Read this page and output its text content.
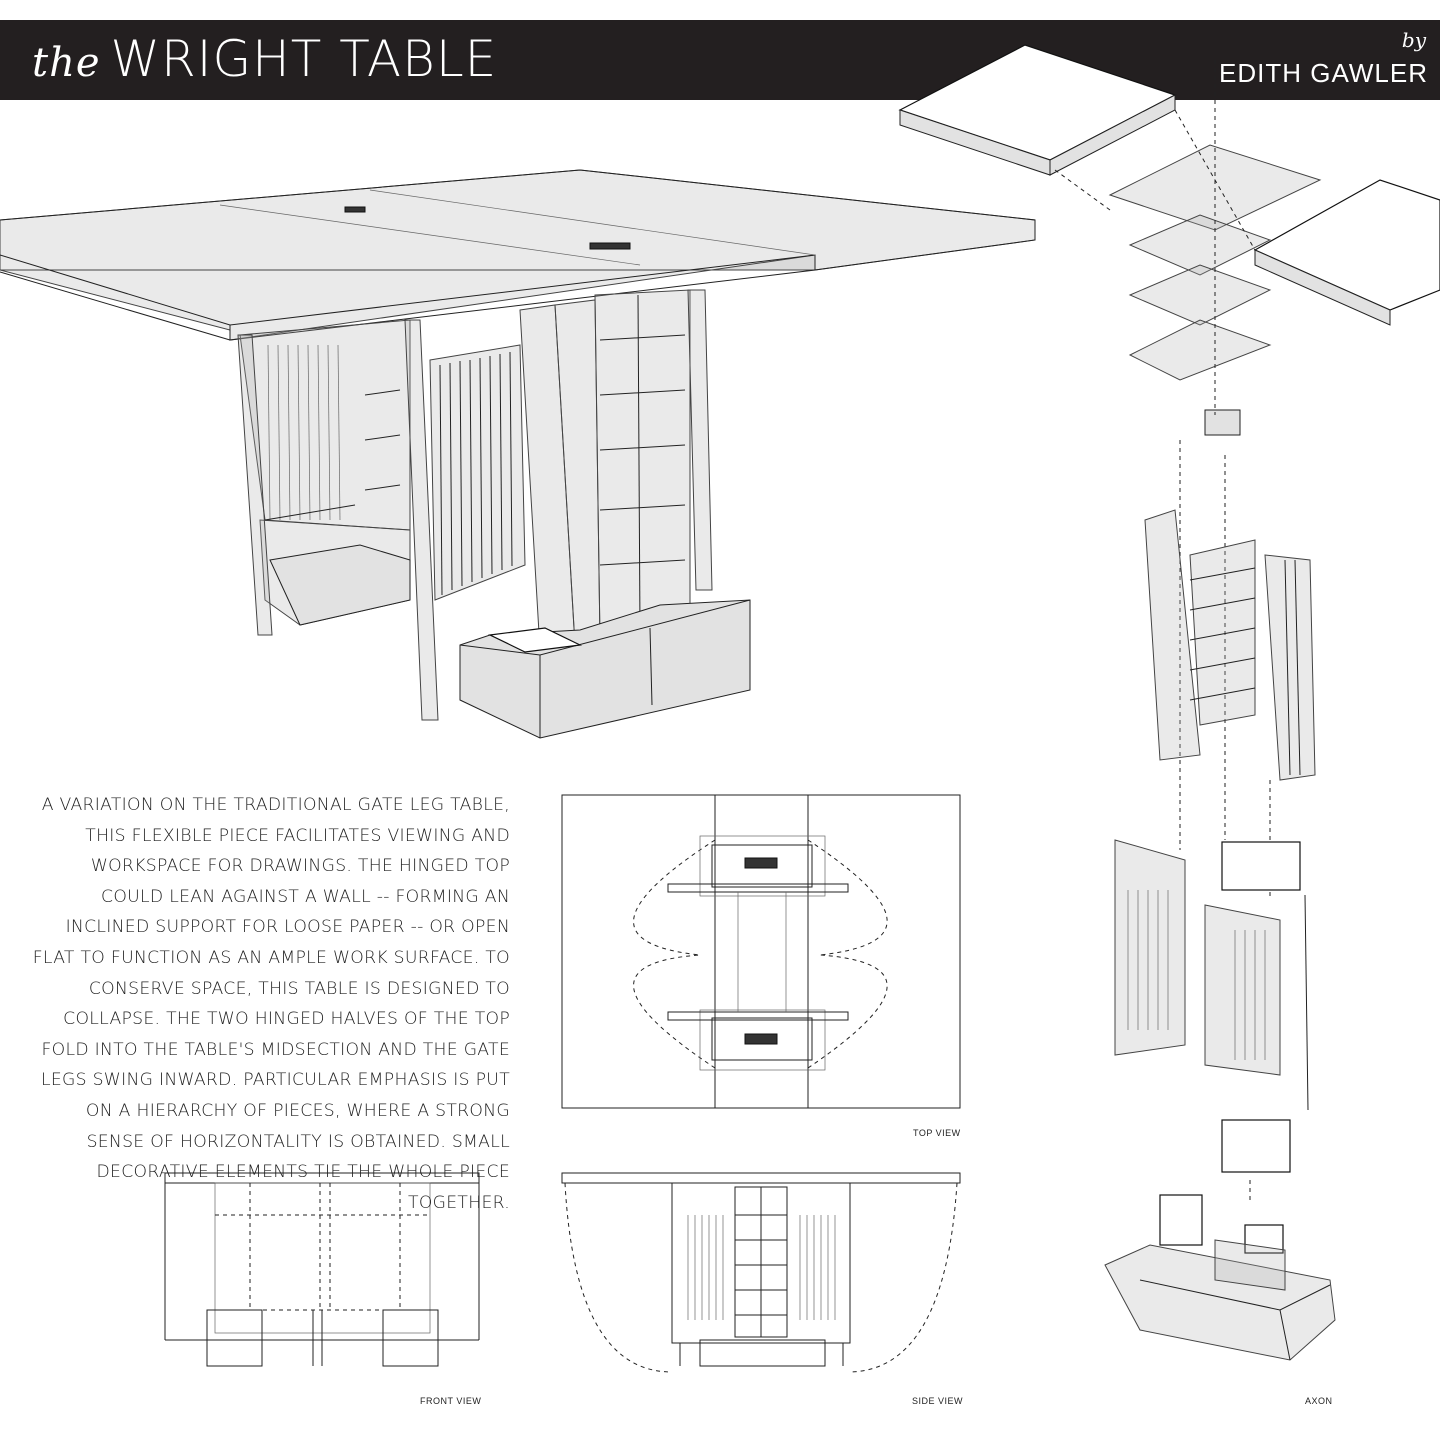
the WRIGHT TABLE	by
EDITH GAWLER
A VARIATION ON THE TRADITIONAL GATE LEG TABLE, THIS FLEXIBLE PIECE FACILITATES VIEWING AND WORKSPACE FOR DRAWINGS. THE HINGED TOP COULD LEAN AGAINST A WALL -- FORMING AN INCLINED SUPPORT FOR LOOSE PAPER -- OR OPEN FLAT TO FUNCTION AS AN AMPLE WORK SURFACE. TO CONSERVE SPACE, THIS TABLE IS DESIGNED TO COLLAPSE. THE TWO HINGED HALVES OF THE TOP FOLD INTO THE TABLE'S MIDSECTION AND THE GATE LEGS SWING INWARD. PARTICULAR EMPHASIS IS PUT ON A HIERARCHY OF PIECES, WHERE A STRONG SENSE OF HORIZONTALITY IS OBTAINED. SMALL DECORATIVE ELEMENTS TIE THE WHOLE PIECE TOGETHER.
TOP VIEW
FRONT VIEW	SIDE VIEW	AXON
